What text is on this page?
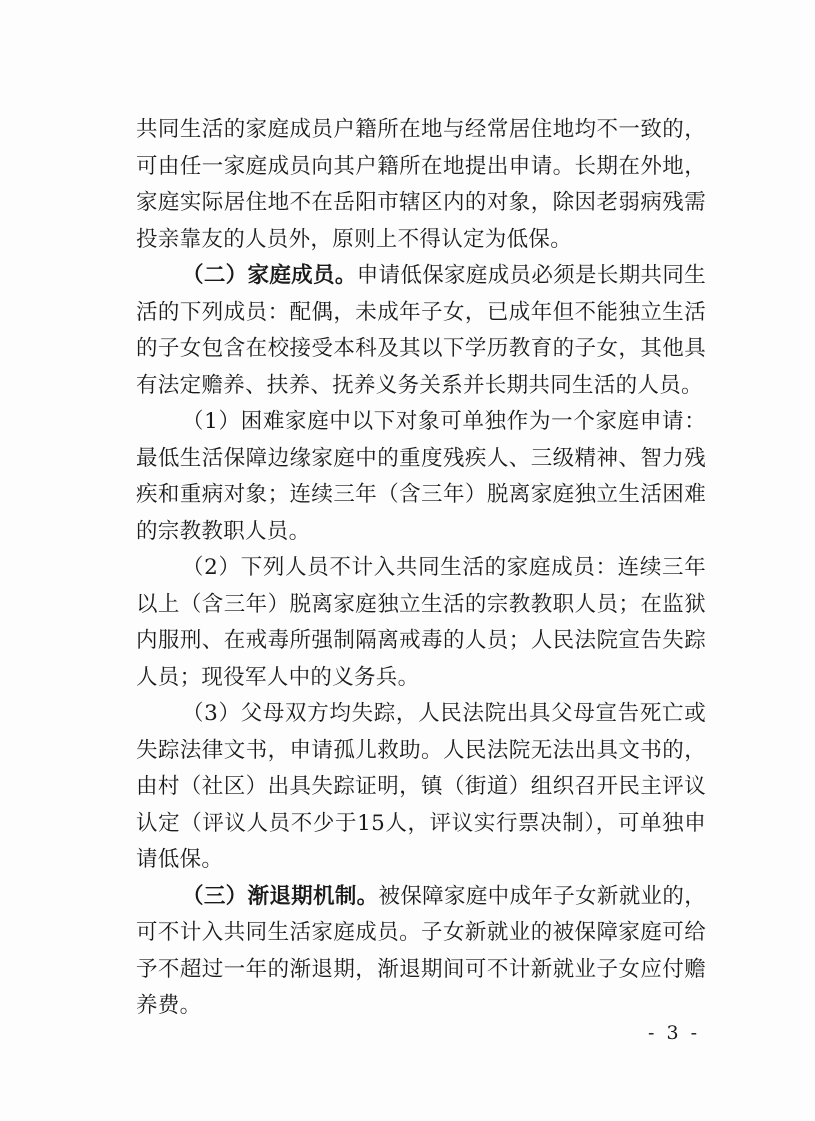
共同生活的家庭成员户籍所在地与经常居住地均不一致的，可由任一家庭成员向其户籍所在地提出申请。长期在外地，家庭实际居住地不在岳阳市辖区内的对象，除因老弱病残需投亲靠友的人员外，原则上不得认定为低保。

（二）家庭成员。申请低保家庭成员必须是长期共同生活的下列成员：配偶，未成年子女，已成年但不能独立生活的子女包含在校接受本科及其以下学历教育的子女，其他具有法定赡养、扶养、抚养义务关系并长期共同生活的人员。

（1）困难家庭中以下对象可单独作为一个家庭申请：最低生活保障边缘家庭中的重度残疾人、三级精神、智力残疾和重病对象；连续三年（含三年）脱离家庭独立生活困难的宗教教职人员。

（2）下列人员不计入共同生活的家庭成员：连续三年以上（含三年）脱离家庭独立生活的宗教教职人员；在监狱内服刑、在戒毒所强制隔离戒毒的人员；人民法院宣告失踪人员；现役军人中的义务兵。

（3）父母双方均失踪，人民法院出具父母宣告死亡或失踪法律文书，申请孤儿救助。人民法院无法出具文书的，由村（社区）出具失踪证明，镇（街道）组织召开民主评议认定（评议人员不少于15人，评议实行票决制），可单独申请低保。

（三）渐退期机制。被保障家庭中成年子女新就业的，可不计入共同生活家庭成员。子女新就业的被保障家庭可给予不超过一年的渐退期，渐退期间可不计新就业子女应付赡养费。

- 3 -
